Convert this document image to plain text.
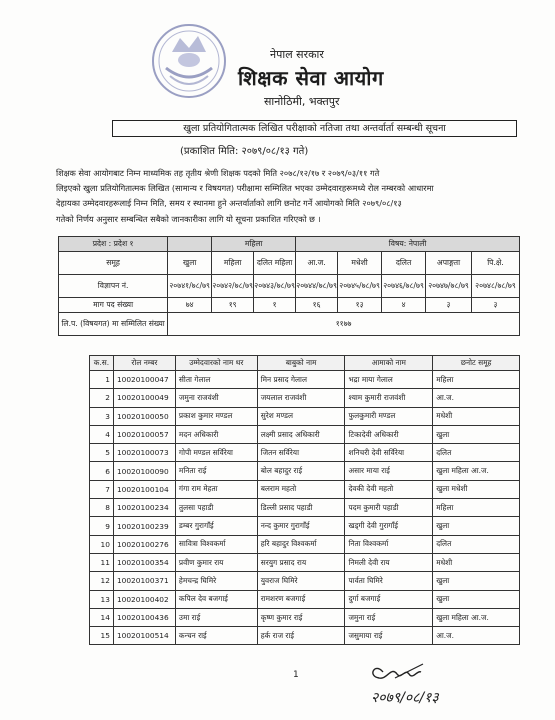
नेपाल सरकार
शिक्षक सेवा आयोग
सानोठिमी, भक्तपुर
खुला प्रतियोगितात्मक लिखित परीक्षाको नतिजा तथा अन्तर्वार्ता सम्बन्धी सूचना
(प्रकाशित मिति: २०७९/०८/१३ गते)
शिक्षक सेवा आयोगबाट निम्न माध्यमिक तह तृतीय श्रेणी शिक्षक पदको मिति २०७८/१२/१७ र २०७९/०३/११ गते
लिइएको खुला प्रतियोगितात्मक लिखित (सामान्य र विषयगत) परीक्षामा सम्मिलित भएका उम्मेदवारहरूमध्ये रोल नम्बरको आधारमा
देहायका उम्मेदवारहरूलाई निम्न मिति, समय र स्थानमा हुने अन्तर्वार्ताको लागि छनोट गर्ने आयोगको मिति २०७९/०८/१३
गतेको निर्णय अनुसार सम्बन्धित सबैको जानकारीका लागि यो सूचना प्रकाशित गरिएको छ ।
प्रदेश : प्रदेश १		महिला		विषय: नेपाली				
समूह	खुला	महिला	दलित महिला	आ.ज.	मधेशी	दलित	अपाङ्गता	पि.क्षे.
विज्ञापन नं.	२०७४१/७८/७९	२०७४२/७८/७९	२०७४३/७८/७९	२०७४४/७८/७९	२०७४५/७८/७९	२०७४६/७८/७९	२०७४७/७८/७९	२०७४८/७८/७९
माग पद संख्या	७४	१९	१	१६	१३	४	३	३
लि.प. (विषयगत) मा सम्मिलित संख्या	११७७							
क.स.	रोल नम्बर	उम्मेदवारको नाम थर	बाबुको नाम	आमाको नाम	छनोट समूह
1	10020100047	सीता गेलाल	मिन प्रसाद गेलाल	भद्रा माया गेलाल	महिला
2	10020100049	जमुना राजवंशी	जयलाल राजवंशी	श्याम कुमारी राजवंशी	आ.ज.
3	10020100050	प्रकाश कुमार मण्डल	सुरेश मण्डल	फुलकुमारी मण्डल	मधेशी
4	10020100057	मदन अधिकारी	लक्ष्मी प्रसाद अधिकारी	टिकादेवी अधिकारी	खुला
5	10020100073	गोपी मण्डल सर्विरेया	जितन सर्विरेया	शनिचरी देवी सर्विरेया	दलित
6	10020100090	मनिता राई	बोल बहादुर राई	असार माया राई	खुला महिला आ.ज.
7	10020100104	गंगा राम मेहता	बलराम महतो	देवकी देवी महतो	खुला मधेशी
8	10020100234	तुलसा पहाडी	डिल्ली प्रसाद पहाडी	पदम कुमारी पहाडी	महिला
9	10020100239	डम्बर गुरागाँई	नन्द कुमार गुरागाँई	खड्गी देवी गुरागाँई	खुला
10	10020100276	सावित्रा विश्वकर्मा	हरि बहादुर विश्वकर्मा	निता विश्वकर्मा	दलित
11	10020100354	प्रवीण कुमार राय	सरयुग प्रसाद राय	निमली देवी राय	मधेशी
12	10020100371	हेमचन्द्र घिमिरे	युवराज घिमिरे	पार्वता घिमिरे	खुला
13	10020100402	कपिल देव बजगाई	रामशरण बजगाई	दुर्गा बजगाई	खुला
14	10020100436	उमा राई	कृष्ण कुमार राई	जमुना राई	खुला महिला आ.ज.
15	10020100514	कन्चन राई	हर्क राज राई	जसुमाया राई	आ.ज.
1
२०७९/०८/१३
